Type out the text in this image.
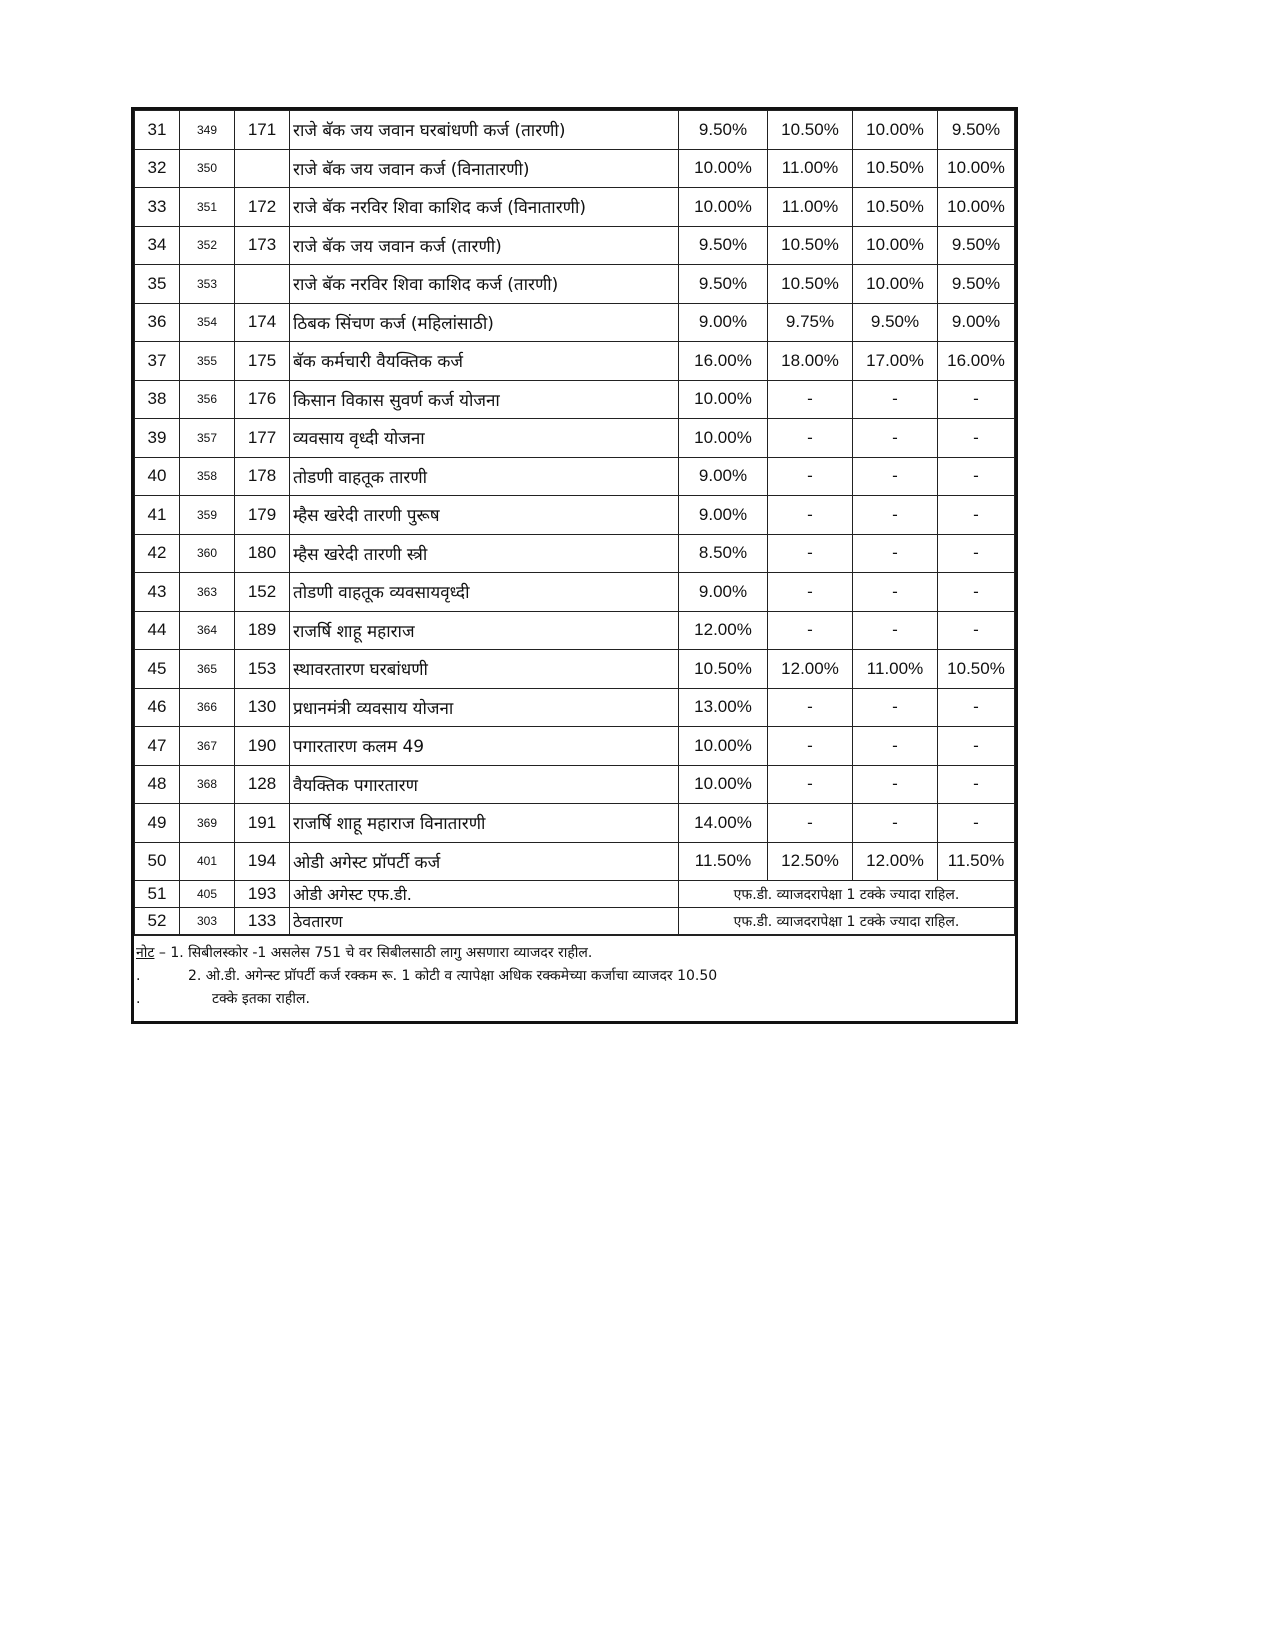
31	349	171	राजे बॅक जय जवान घरबांधणी कर्ज (तारणी)	9.50%	10.50%	10.00%	9.50%
32	350		राजे बॅक जय जवान कर्ज (विनातारणी)	10.00%	11.00%	10.50%	10.00%
33	351	172	राजे बॅक नरविर शिवा काशिद कर्ज (विनातारणी)	10.00%	11.00%	10.50%	10.00%
34	352	173	राजे बॅक जय जवान कर्ज (तारणी)	9.50%	10.50%	10.00%	9.50%
35	353		राजे बॅक नरविर शिवा काशिद कर्ज (तारणी)	9.50%	10.50%	10.00%	9.50%
36	354	174	ठिबक सिंचण कर्ज (महिलांसाठी)	9.00%	9.75%	9.50%	9.00%
37	355	175	बॅक कर्मचारी वैयक्तिक कर्ज	16.00%	18.00%	17.00%	16.00%
38	356	176	किसान विकास सुवर्ण कर्ज योजना	10.00%	-	-	-
39	357	177	व्यवसाय वृध्दी योजना	10.00%	-	-	-
40	358	178	तोडणी वाहतूक तारणी	9.00%	-	-	-
41	359	179	म्हैस खरेदी तारणी पुरूष	9.00%	-	-	-
42	360	180	म्हैस खरेदी तारणी स्त्री	8.50%	-	-	-
43	363	152	तोडणी वाहतूक व्यवसायवृध्दी	9.00%	-	-	-
44	364	189	राजर्षि शाहू महाराज	12.00%	-	-	-
45	365	153	स्थावरतारण घरबांधणी	10.50%	12.00%	11.00%	10.50%
46	366	130	प्रधानमंत्री व्यवसाय योजना	13.00%	-	-	-
47	367	190	पगारतारण कलम 49	10.00%	-	-	-
48	368	128	वैयक्तिक पगारतारण	10.00%	-	-	-
49	369	191	राजर्षि शाहू महाराज विनातारणी	14.00%	-	-	-
50	401	194	ओडी अगेस्ट प्रॉपर्टी कर्ज	11.50%	12.50%	12.00%	11.50%
51	405	193	ओडी अगेस्ट एफ.डी.	एफ.डी. व्याजदरापेक्षा 1 टक्के ज्यादा राहिल.			
52	303	133	ठेवतारण	एफ.डी. व्याजदरापेक्षा 1 टक्के ज्यादा राहिल.			
नोट – 1. सिबीलस्कोर -1 असलेस 751 चे वर सिबीलसाठी लागु असणारा व्याजदर राहील.
.	2. ओ.डी. अगेन्स्ट प्रॉपर्टी कर्ज रक्कम रू. 1 कोटी व त्यापेक्षा अधिक रक्कमेच्या कर्जाचा व्याजदर 10.50
.	टक्के इतका राहील.
